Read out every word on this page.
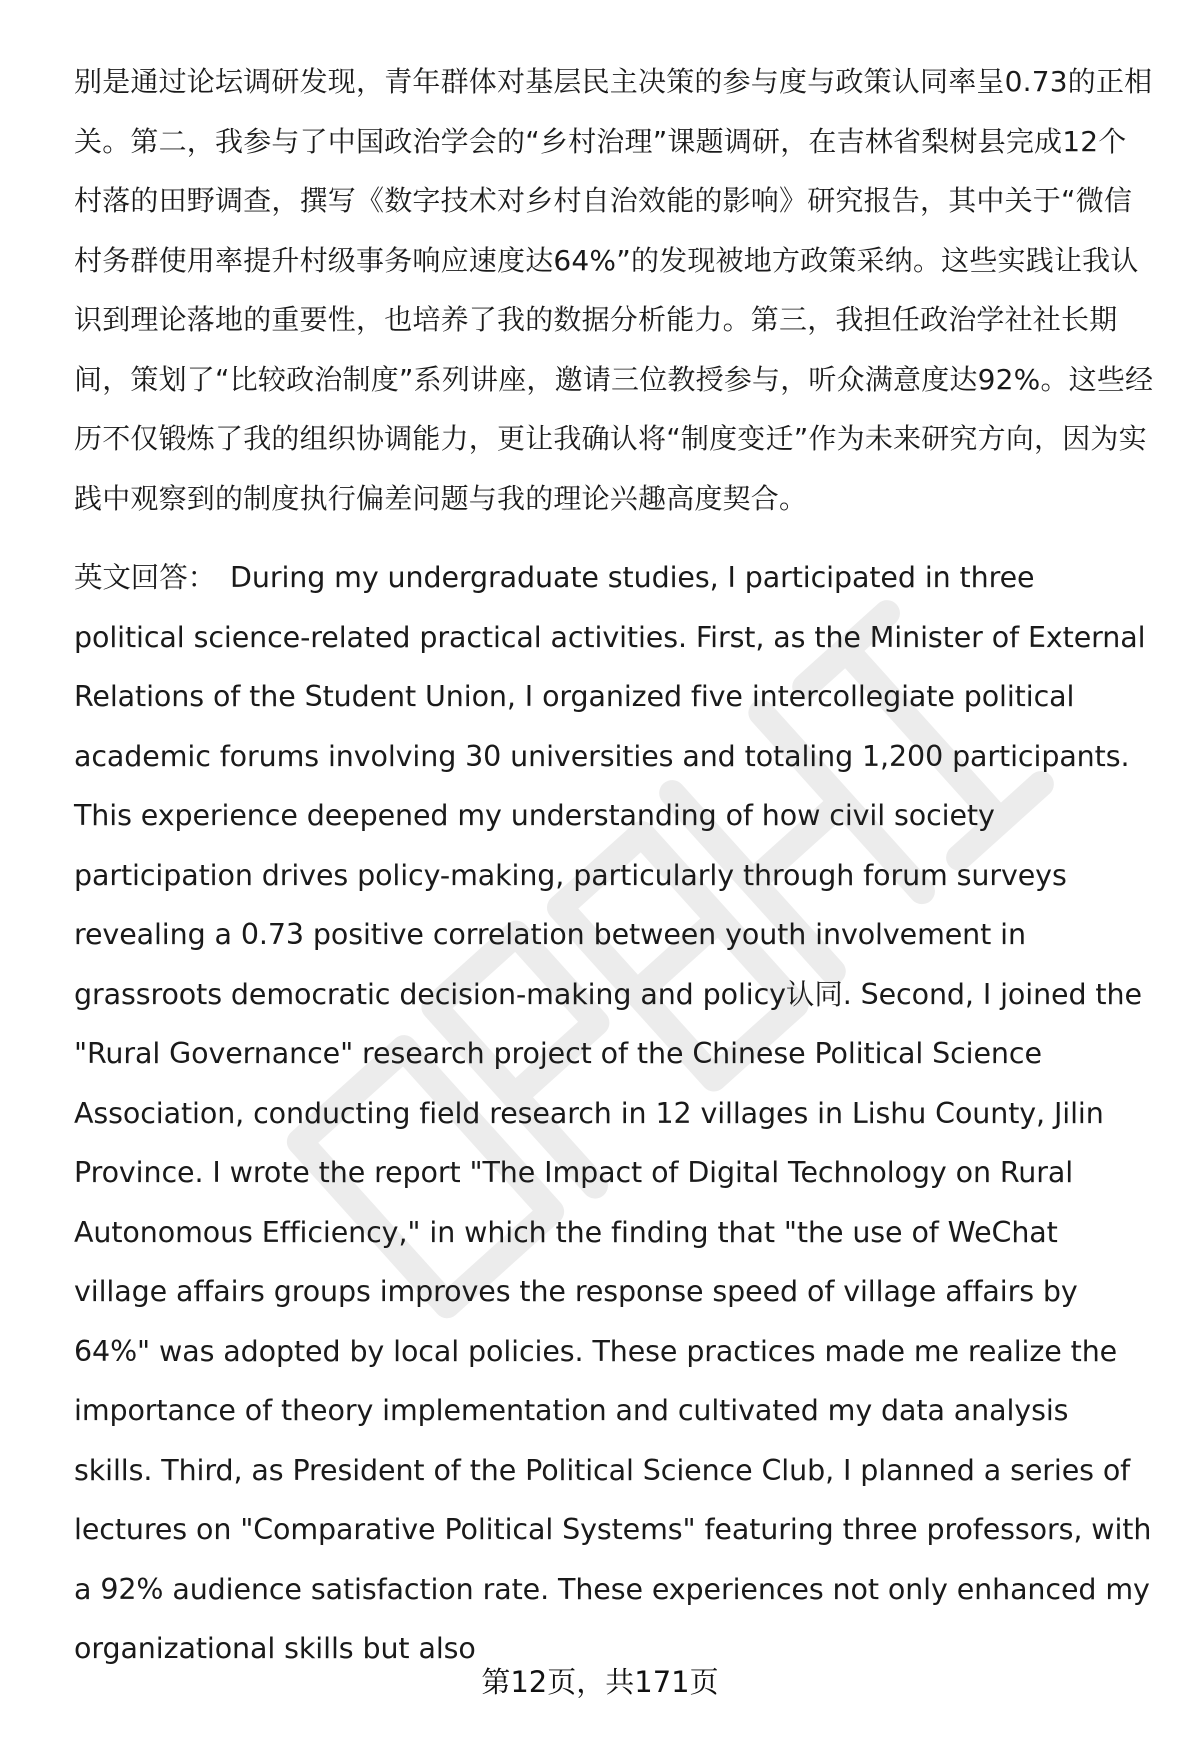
别是通过论坛调研发现，青年群体对基层民主决策的参与度与政策认同率呈0.73的正相关。第二，我参与了中国政治学会的“乡村治理”课题调研，在吉林省梨树县完成12个村落的田野调查，撰写《数字技术对乡村自治效能的影响》研究报告，其中关于“微信村务群使用率提升村级事务响应速度达64%”的发现被地方政策采纳。这些实践让我认识到理论落地的重要性，也培养了我的数据分析能力。第三，我担任政治学社社长期间，策划了“比较政治制度”系列讲座，邀请三位教授参与，听众满意度达92%。这些经历不仅锻炼了我的组织协调能力，更让我确认将“制度变迁”作为未来研究方向，因为实践中观察到的制度执行偏差问题与我的理论兴趣高度契合。

英文回答： During my undergraduate studies, I participated in three political science-related practical activities. First, as the Minister of External Relations of the Student Union, I organized five intercollegiate political academic forums involving 30 universities and totaling 1,200 participants. This experience deepened my understanding of how civil society participation drives policy-making, particularly through forum surveys revealing a 0.73 positive correlation between youth involvement in grassroots democratic decision-making and policy认同. Second, I joined the "Rural Governance" research project of the Chinese Political Science Association, conducting field research in 12 villages in Lishu County, Jilin Province. I wrote the report "The Impact of Digital Technology on Rural Autonomous Efficiency," in which the finding that "the use of WeChat village affairs groups improves the response speed of village affairs by 64%" was adopted by local policies. These practices made me realize the importance of theory implementation and cultivated my data analysis skills. Third, as President of the Political Science Club, I planned a series of lectures on "Comparative Political Systems" featuring three professors, with a 92% audience satisfaction rate. These experiences not only enhanced my organizational skills but also

第12页，共171页
